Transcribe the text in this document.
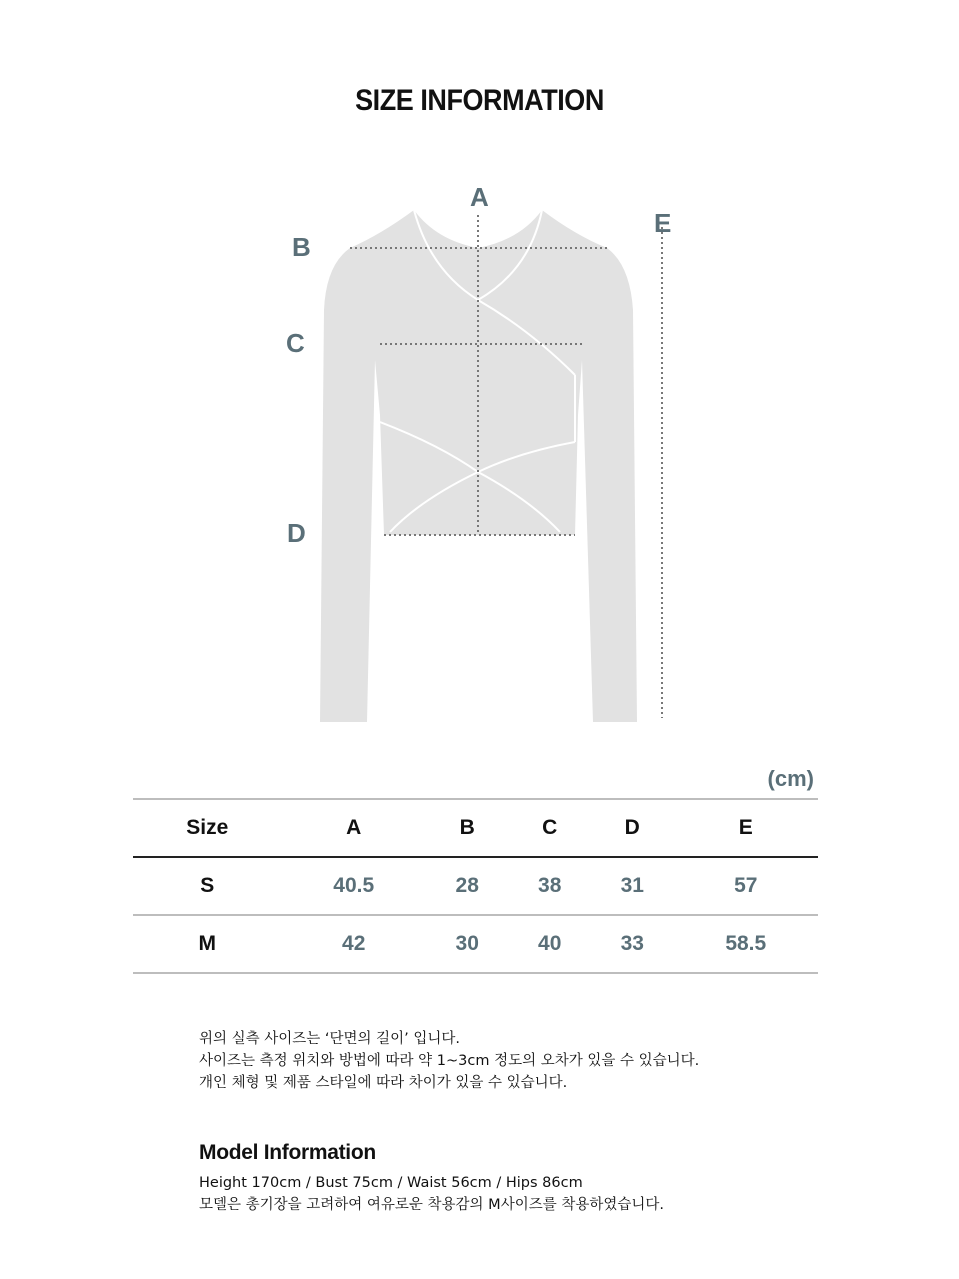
SIZE INFORMATION
A
B
C
D
E
(cm)
Size	A	B	C	D	E
S	40.5	28	38	31	57
M	42	30	40	33	58.5
위의 실측 사이즈는 ‘단면의 길이’ 입니다.
사이즈는 측정 위치와 방법에 따라 약 1~3cm 정도의 오차가 있을 수 있습니다.
개인 체형 및 제품 스타일에 따라 차이가 있을 수 있습니다.
Model Information
Height 170cm / Bust 75cm / Waist 56cm / Hips 86cm
모델은 총기장을 고려하여 여유로운 착용감의 M사이즈를 착용하였습니다.
